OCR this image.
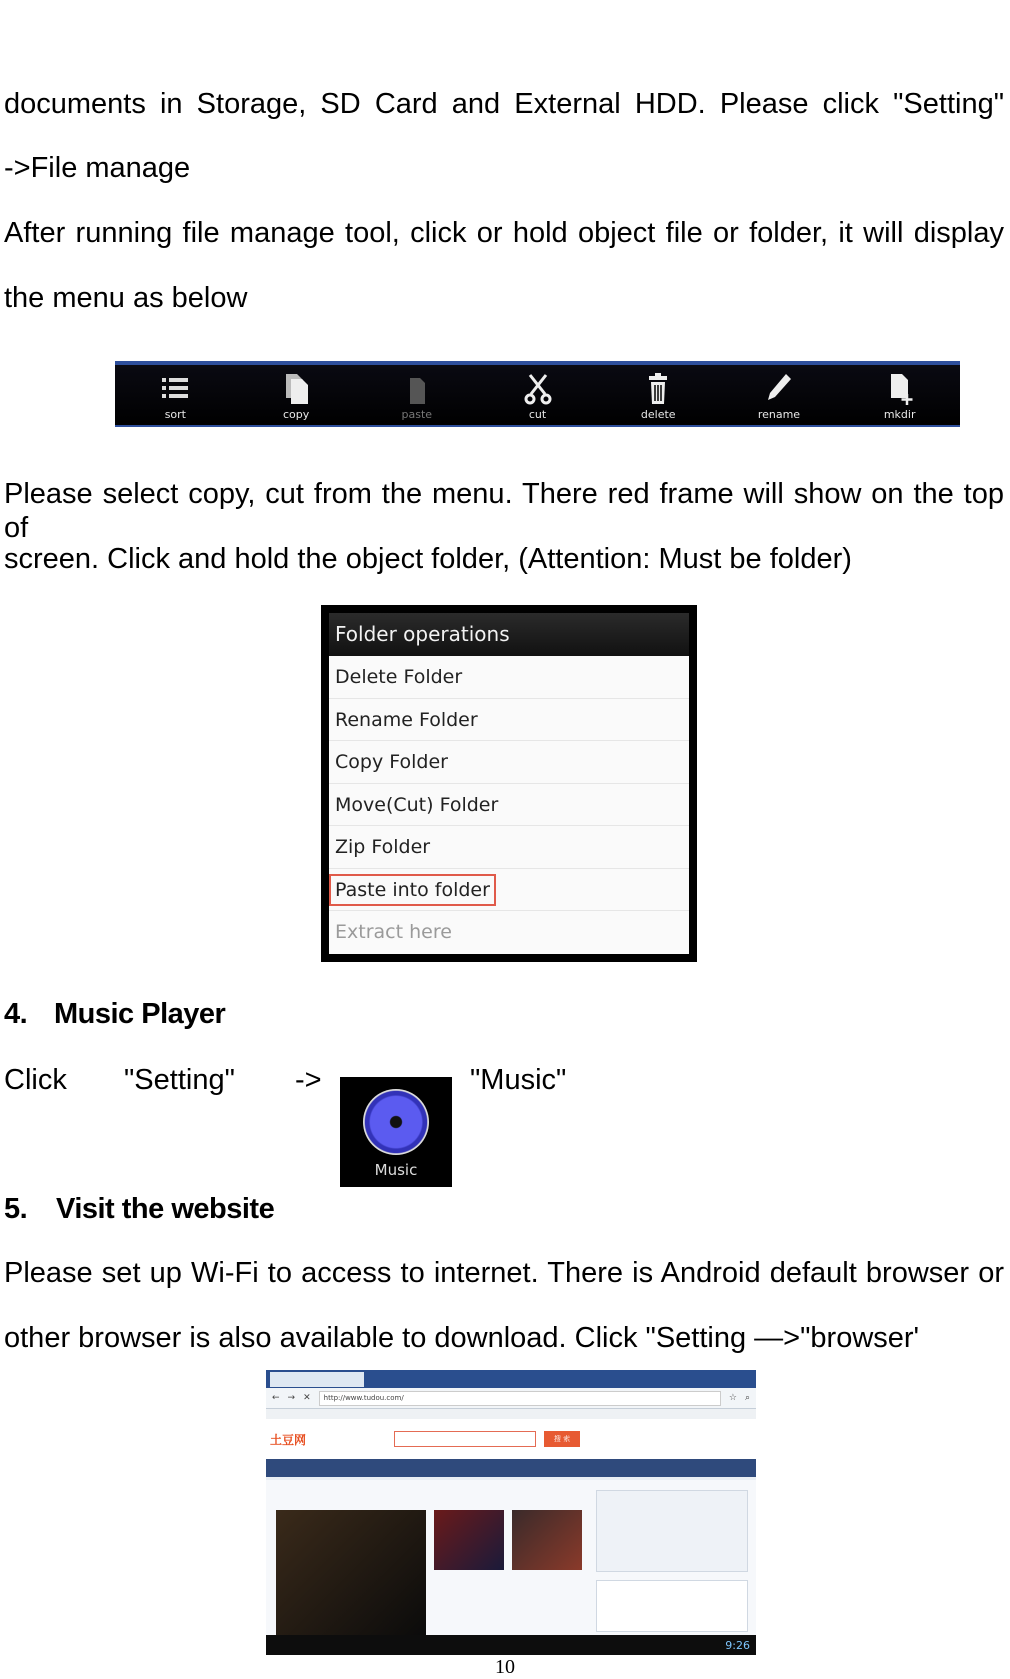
documents in Storage, SD Card and External HDD. Please click "Setting"

->File manage

After running file manage tool, click or hold object file or folder, it will display

the menu as below

sort	copy	paste	cut	delete	rename	mkdir

Please select copy, cut from the menu. There red frame will show on the top of

screen. Click and hold the object folder, (Attention: Must be folder)

Folder operations
Delete Folder
Rename Folder
Copy Folder
Move(Cut) Folder
Zip Folder
Paste into folder
Extract here
4. Music Player

Click "Setting" ->	"Music"

Music
5. Visit the website

Please set up Wi-Fi to access to internet. There is Android default browser or

other browser is also available to download. Click "Setting —>"browser'

← → ✕	http://www.tudou.com/	☆ ⌕
土豆网	搜 索
9:26
10
